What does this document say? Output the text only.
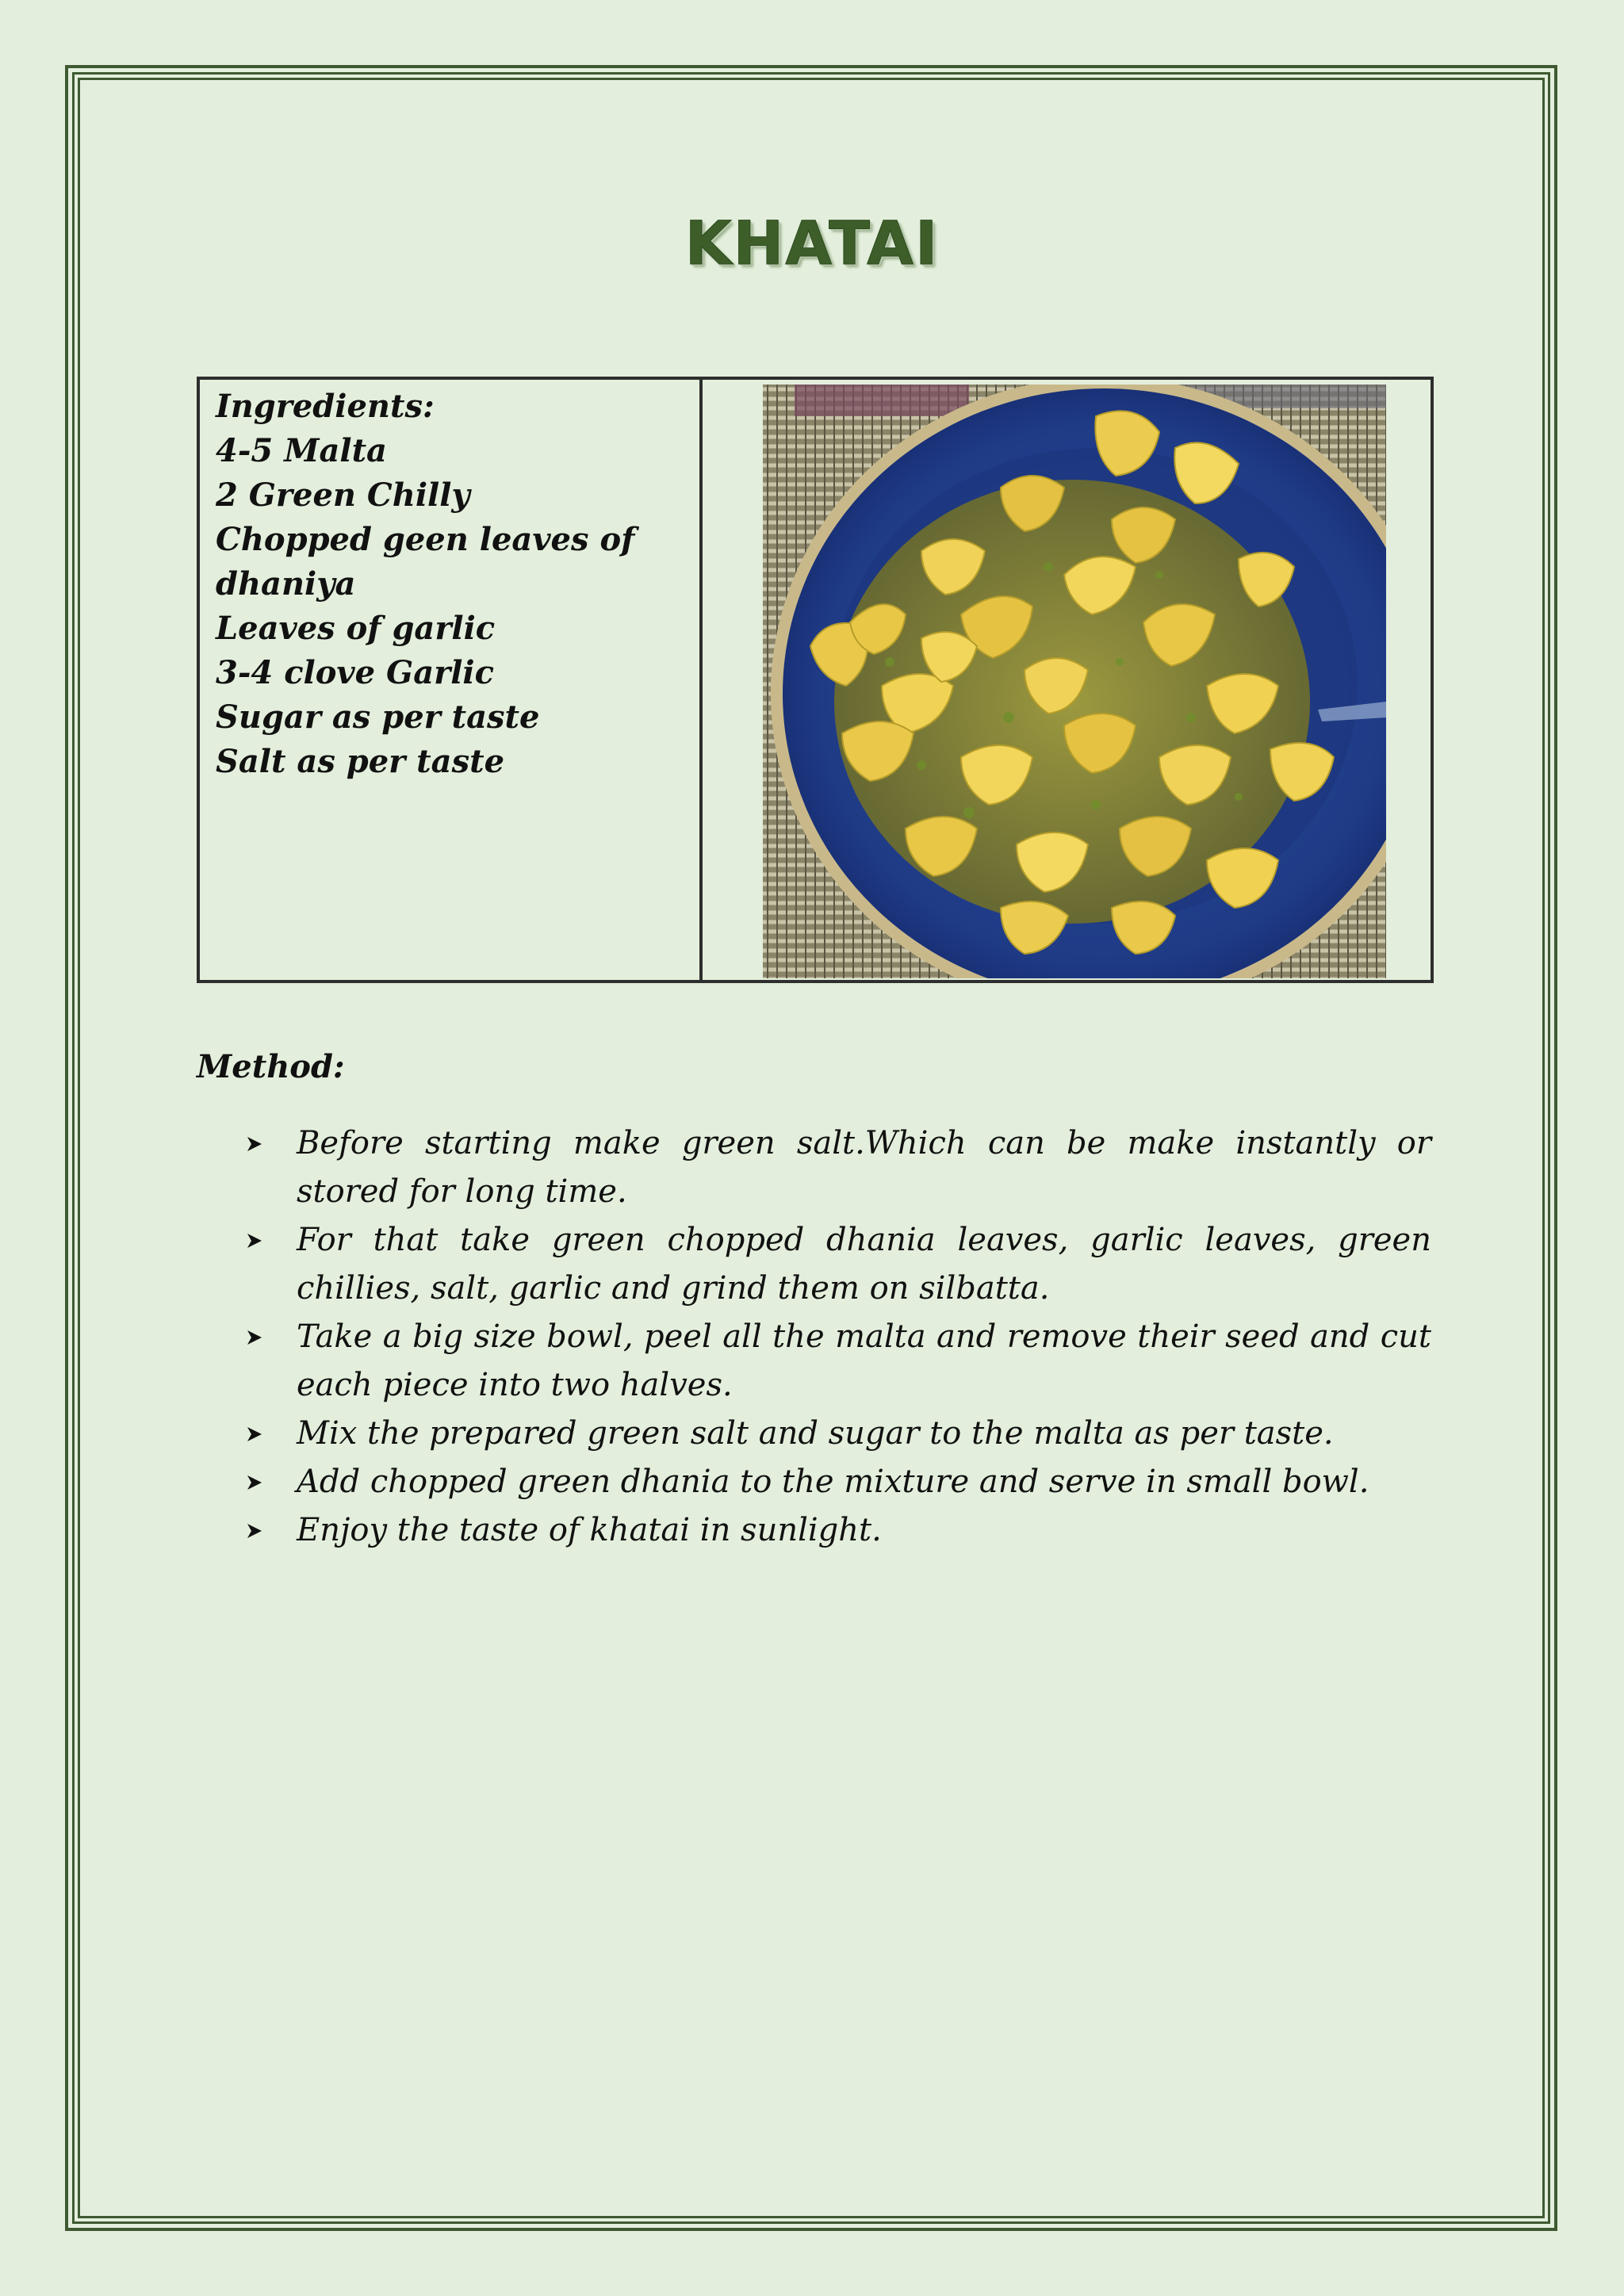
KHATAI
Ingredients:
4-5 Malta
2 Green Chilly
Chopped geen leaves of
dhaniya
Leaves of garlic
3-4 clove Garlic
Sugar as per taste
Salt as per taste
Method:
Before starting make green salt.Which can be make instantly or stored for long time.
For that take green chopped dhania leaves, garlic leaves, green chillies, salt, garlic and grind them on silbatta.
Take a big size bowl, peel all the malta and remove their seed and cut each piece into two halves.
Mix the prepared green salt and sugar to the malta as per taste.
Add chopped green dhania to the mixture and serve in small bowl.
Enjoy the taste of khatai in sunlight.
